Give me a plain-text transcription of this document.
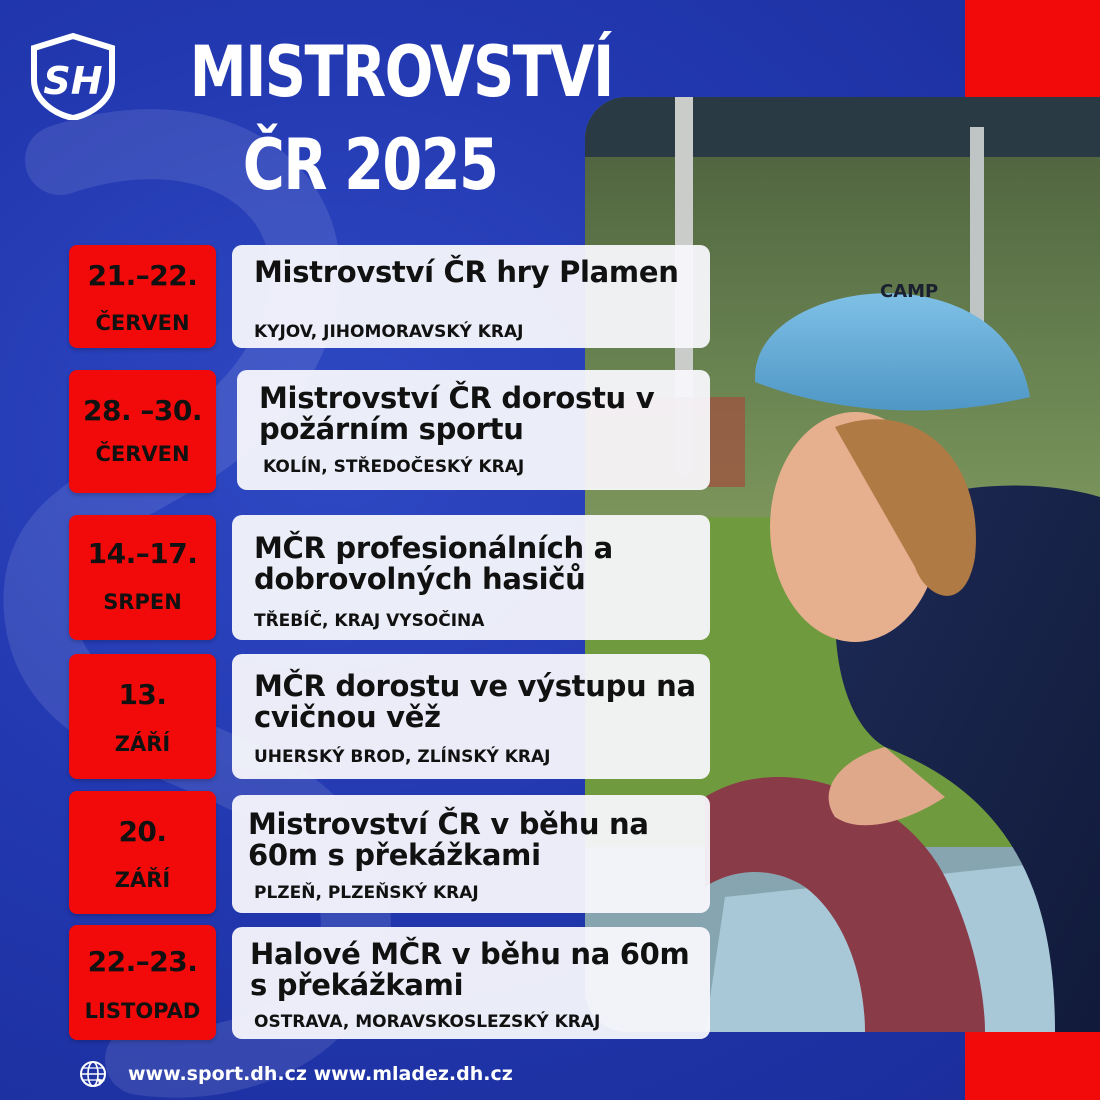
CAMP
SH MISTROVSTVÍ
ČR 2025
21.–22.
ČERVEN
Mistrovství ČR hry Plamen
KYJOV, JIHOMORAVSKÝ KRAJ
28. –30.
ČERVEN
Mistrovství ČR dorostu v požárním sportu
KOLÍN, STŘEDOČESKÝ KRAJ
14.–17.
SRPEN
MČR profesionálních a dobrovolných hasičů
TŘEBÍČ, KRAJ VYSOČINA
13.
ZÁŘÍ
MČR dorostu ve výstupu na cvičnou věž
UHERSKÝ BROD, ZLÍNSKÝ KRAJ
20.
ZÁŘÍ
Mistrovství ČR v běhu na 60m s překážkami
PLZEŇ, PLZEŇSKÝ KRAJ
22.–23.
LISTOPAD
Halové MČR v běhu na 60m s překážkami
OSTRAVA, MORAVSKOSLEZSKÝ KRAJ
www.sport.dh.cz www.mladez.dh.cz
